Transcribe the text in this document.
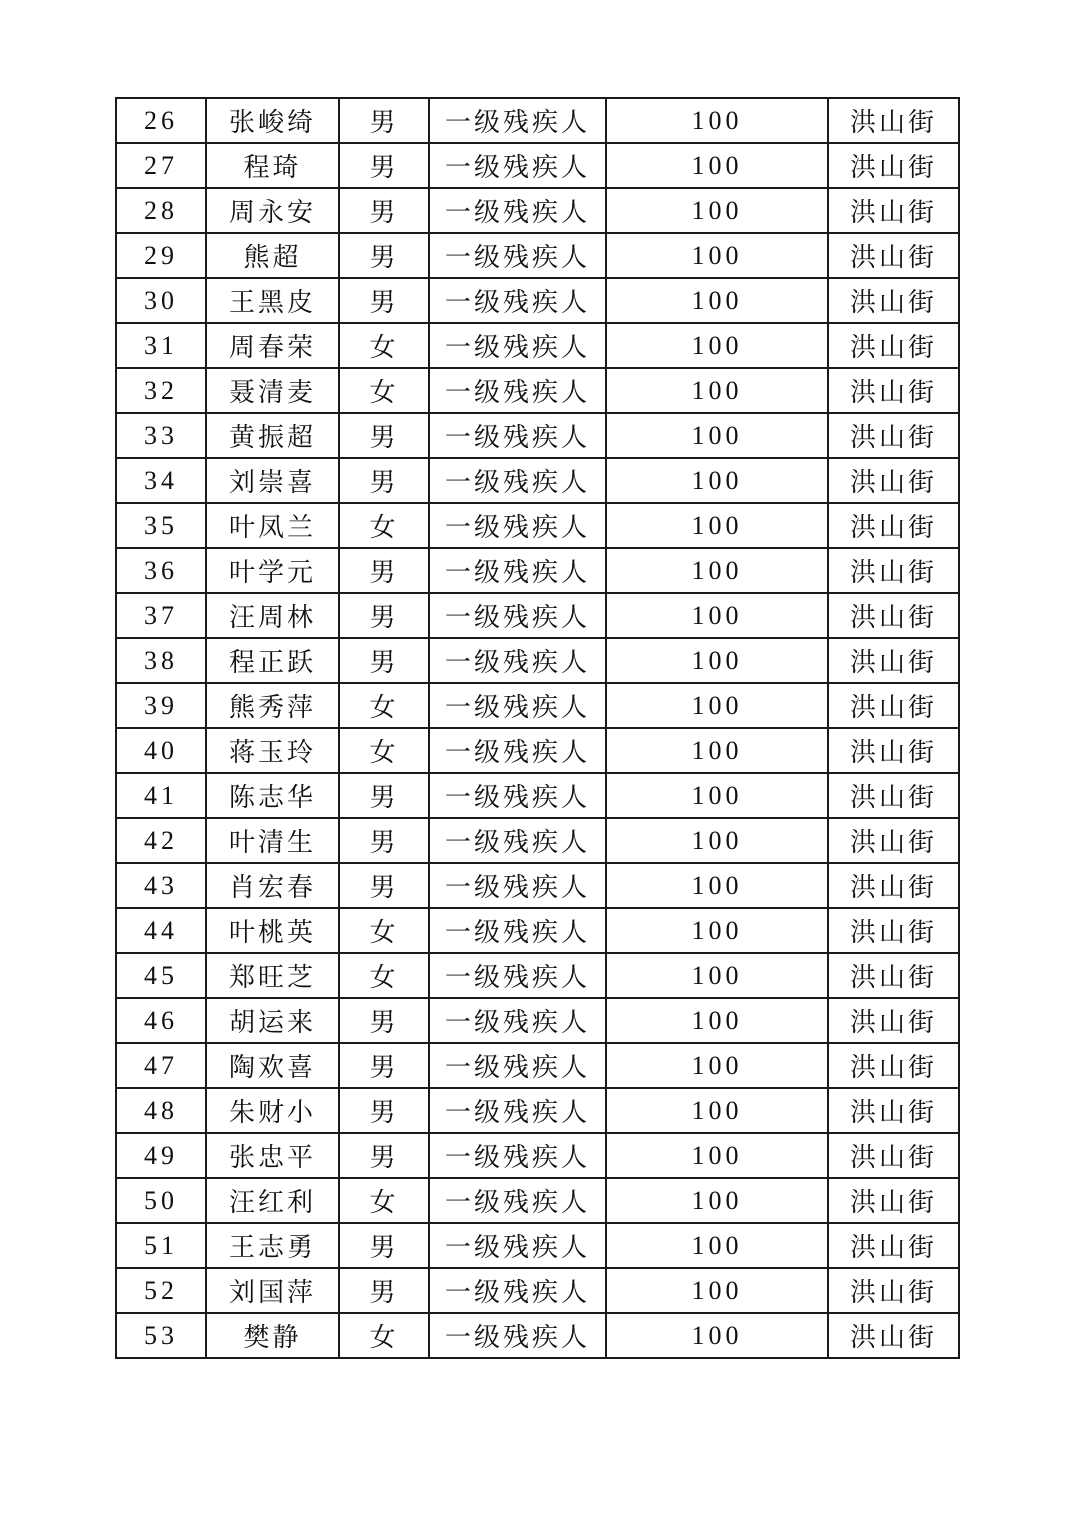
26	张峻绮	男	一级残疾人	100	洪山街
27	程琦	男	一级残疾人	100	洪山街
28	周永安	男	一级残疾人	100	洪山街
29	熊超	男	一级残疾人	100	洪山街
30	王黑皮	男	一级残疾人	100	洪山街
31	周春荣	女	一级残疾人	100	洪山街
32	聂清麦	女	一级残疾人	100	洪山街
33	黄振超	男	一级残疾人	100	洪山街
34	刘崇喜	男	一级残疾人	100	洪山街
35	叶凤兰	女	一级残疾人	100	洪山街
36	叶学元	男	一级残疾人	100	洪山街
37	汪周林	男	一级残疾人	100	洪山街
38	程正跃	男	一级残疾人	100	洪山街
39	熊秀萍	女	一级残疾人	100	洪山街
40	蒋玉玲	女	一级残疾人	100	洪山街
41	陈志华	男	一级残疾人	100	洪山街
42	叶清生	男	一级残疾人	100	洪山街
43	肖宏春	男	一级残疾人	100	洪山街
44	叶桃英	女	一级残疾人	100	洪山街
45	郑旺芝	女	一级残疾人	100	洪山街
46	胡运来	男	一级残疾人	100	洪山街
47	陶欢喜	男	一级残疾人	100	洪山街
48	朱财小	男	一级残疾人	100	洪山街
49	张忠平	男	一级残疾人	100	洪山街
50	汪红利	女	一级残疾人	100	洪山街
51	王志勇	男	一级残疾人	100	洪山街
52	刘国萍	男	一级残疾人	100	洪山街
53	樊静	女	一级残疾人	100	洪山街
